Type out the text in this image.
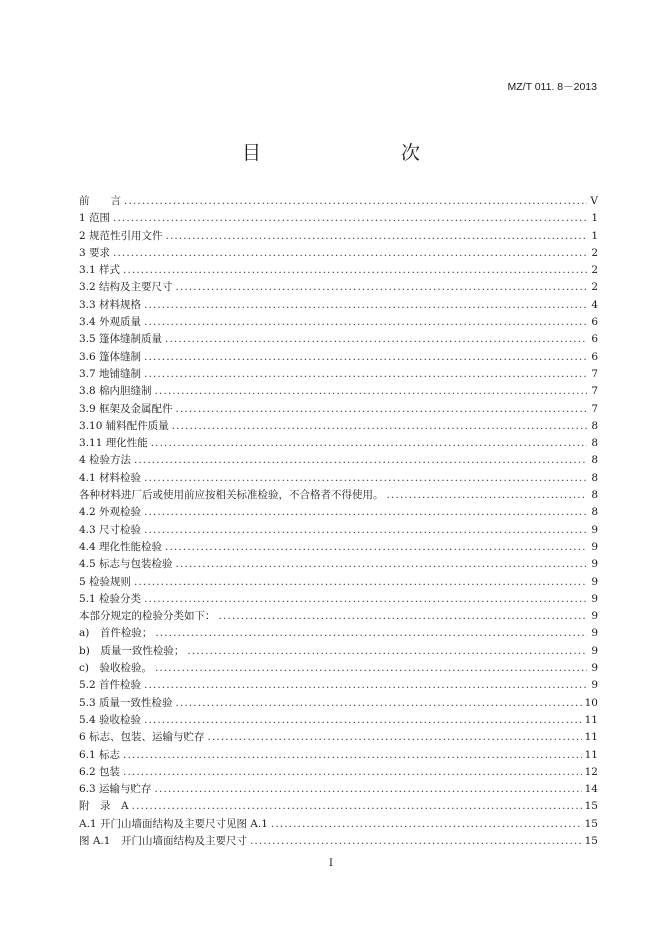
MZ/T 011. 8－2013
目　　次
前　　言 .....	Ⅴ
1 范围 .....	1
2 规范性引用文件 .....	1
3 要求 .....	2
3.1 样式 .....	2
3.2 结构及主要尺寸 .....	2
3.3 材料规格 .....	4
3.4 外观质量 .....	6
3.5 篷体缝制质量 .....	6
3.6 篷体缝制 .....	6
3.7 地铺缝制 .....	7
3.8 棉内胆缝制 .....	7
3.9 框架及金属配件 .....	7
3.10 辅料配件质量 .....	8
3.11 理化性能 .....	8
4 检验方法 .....	8
4.1 材料检验 .....	8
各种材料进厂后或使用前应按相关标准检验，不合格者不得使用。 .....	8
4.2 外观检验 .....	8
4.3 尺寸检验 .....	9
4.4 理化性能检验 .....	9
4.5 标志与包装检验 .....	9
5 检验规则 .....	9
5.1 检验分类 .....	9
本部分规定的检验分类如下： .....	9
a)　首件检验； .....	9
b)　质量一致性检验； .....	9
c)　验收检验。 .....	9
5.2 首件检验 .....	9
5.3 质量一致性检验 .....	10
5.4 验收检验 .....	11
6 标志、包装、运输与贮存 .....	11
6.1 标志 .....	11
6.2 包装 .....	12
6.3 运输与贮存 .....	14
附　录　A .....	15
A.1 开门山墙面结构及主要尺寸见图 A.1 .....	15
图 A.1　开门山墙面结构及主要尺寸 .....	15
I
